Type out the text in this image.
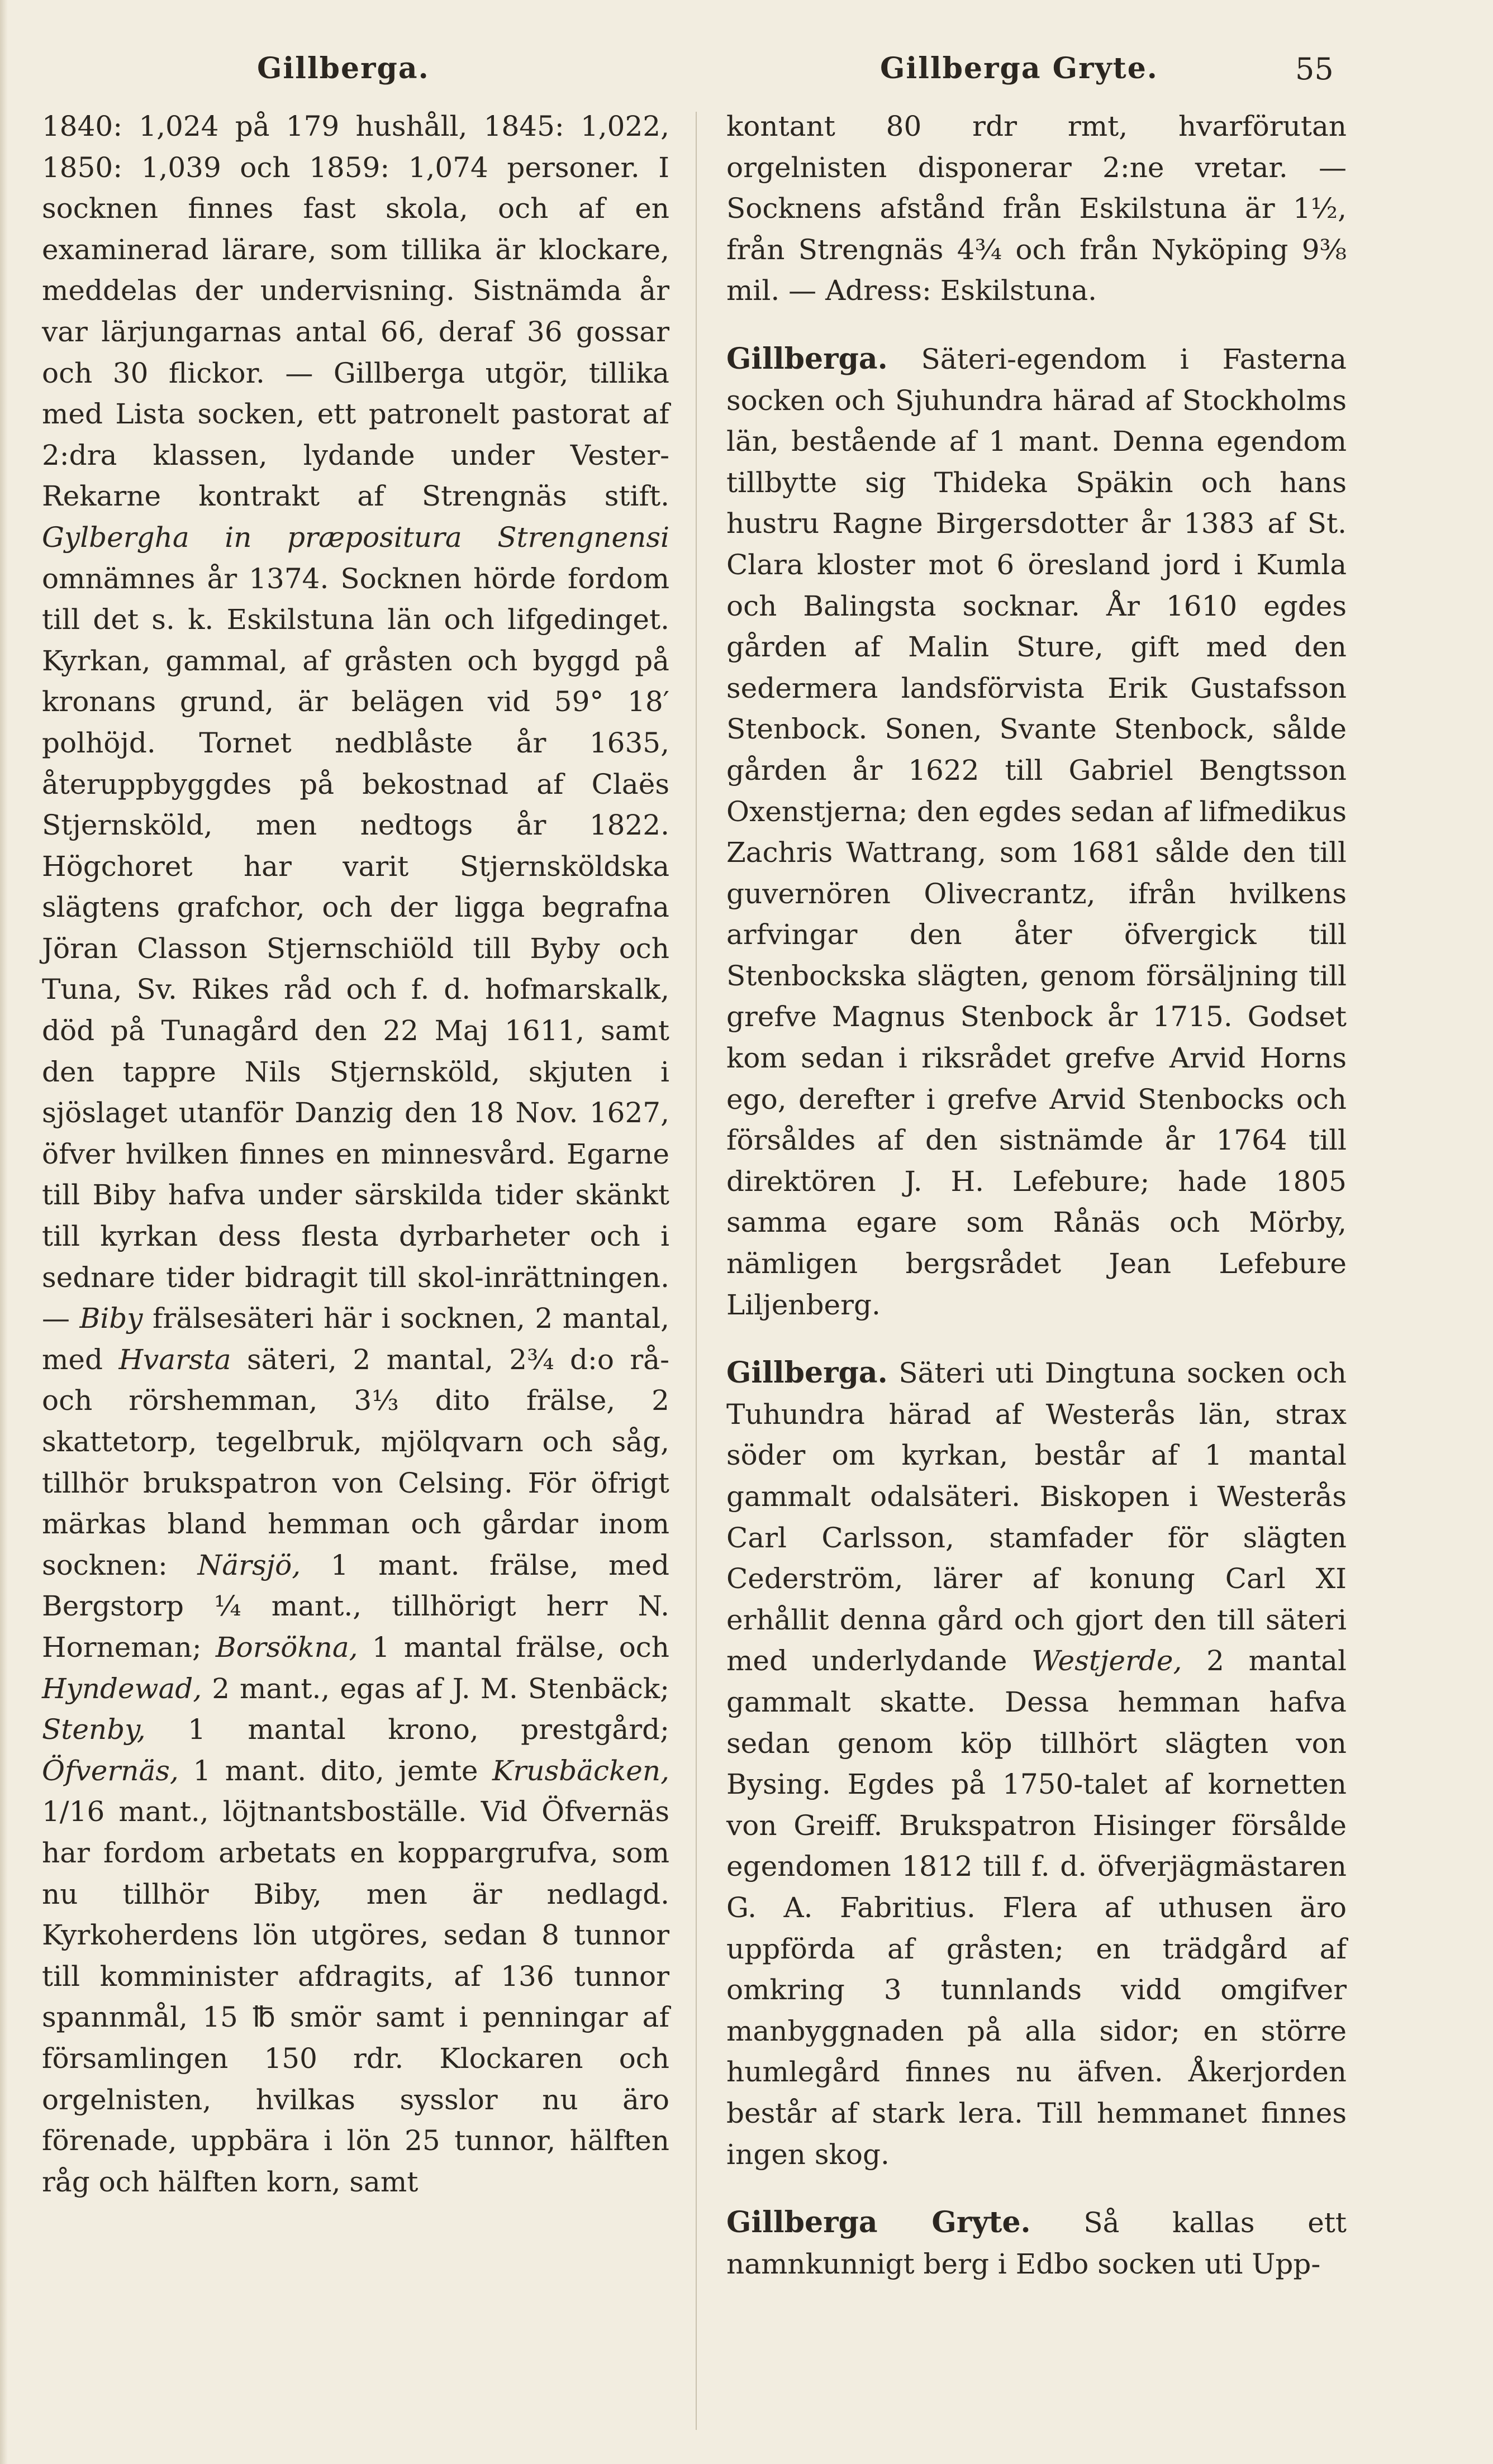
Gillberga.	Gillberga Gryte.	55

1840: 1,024 på 179 hushåll, 1845: 1,022, 1850: 1,039 och 1859: 1,074 personer. I socknen finnes fast skola, och af en examinerad lärare, som tillika är klockare, meddelas der undervisning. Sistnämda år var lärjungarnas antal 66, deraf 36 gossar och 30 flickor. — Gillberga utgör, tillika med Lista socken, ett patronelt pastorat af 2:dra klassen, lydande under Vester-Rekarne kontrakt af Strengnäs stift. Gylbergha in præpositura Strengnensi omnämnes år 1374. Socknen hörde fordom till det s. k. Eskilstuna län och lifgedinget. Kyrkan, gammal, af gråsten och byggd på kronans grund, är belägen vid 59° 18′ polhöjd. Tornet nedblåste år 1635, återuppbyggdes på bekostnad af Claës Stjernsköld, men nedtogs år 1822. Högchoret har varit Stjernsköldska slägtens grafchor, och der ligga begrafna Jöran Classon Stjernschiöld till Byby och Tuna, Sv. Rikes råd och f. d. hofmarskalk, död på Tunagård den 22 Maj 1611, samt den tappre Nils Stjernsköld, skjuten i sjöslaget utanför Danzig den 18 Nov. 1627, öfver hvilken finnes en minnesvård. Egarne till Biby hafva under särskilda tider skänkt till kyrkan dess flesta dyrbarheter och i sednare tider bidragit till skol-inrättningen. — Biby frälsesäteri här i socknen, 2 mantal, med Hvarsta säteri, 2 mantal, 2¾ d:o rå- och rörshemman, 3⅓ dito frälse, 2 skattetorp, tegelbruk, mjölqvarn och såg, tillhör brukspatron von Celsing. För öfrigt märkas bland hemman och gårdar inom socknen: Närsjö, 1 mant. frälse, med Bergstorp ¼ mant., tillhörigt herr N. Horneman; Borsökna, 1 mantal frälse, och Hyndewad, 2 mant., egas af J. M. Stenbäck; Stenby, 1 mantal krono, prestgård; Öfvernäs, 1 mant. dito, jemte Krusbäcken, 1/16 mant., löjtnantsboställe. Vid Öfvernäs har fordom arbetats en koppargrufva, som nu tillhör Biby, men är nedlagd. Kyrkoherdens lön utgöres, sedan 8 tunnor till komminister afdragits, af 136 tunnor spannmål, 15 ℔ smör samt i penningar af församlingen 150 rdr. Klockaren och orgelnisten, hvilkas sysslor nu äro förenade, uppbära i lön 25 tunnor, hälften råg och hälften korn, samt

kontant 80 rdr rmt, hvarförutan orgelnisten disponerar 2:ne vretar. — Socknens afstånd från Eskilstuna är 1½, från Strengnäs 4¾ och från Nyköping 9⅜ mil. — Adress: Eskilstuna.

Gillberga. Säteri-egendom i Fasterna socken och Sjuhundra härad af Stockholms län, bestående af 1 mant. Denna egendom tillbytte sig Thideka Späkin och hans hustru Ragne Birgersdotter år 1383 af St. Clara kloster mot 6 öresland jord i Kumla och Balingsta socknar. År 1610 egdes gården af Malin Sture, gift med den sedermera landsförvista Erik Gustafsson Stenbock. Sonen, Svante Stenbock, sålde gården år 1622 till Gabriel Bengtsson Oxenstjerna; den egdes sedan af lifmedikus Zachris Wattrang, som 1681 sålde den till guvernören Olivecrantz, ifrån hvilkens arfvingar den åter öfvergick till Stenbockska slägten, genom försäljning till grefve Magnus Stenbock år 1715. Godset kom sedan i riksrådet grefve Arvid Horns ego, derefter i grefve Arvid Stenbocks och försåldes af den sistnämde år 1764 till direktören J. H. Lefebure; hade 1805 samma egare som Rånäs och Mörby, nämligen bergsrådet Jean Lefebure Liljenberg.

Gillberga. Säteri uti Dingtuna socken och Tuhundra härad af Westerås län, strax söder om kyrkan, består af 1 mantal gammalt odalsäteri. Biskopen i Westerås Carl Carlsson, stamfader för slägten Cederström, lärer af konung Carl XI erhållit denna gård och gjort den till säteri med underlydande Westjerde, 2 mantal gammalt skatte. Dessa hemman hafva sedan genom köp tillhört slägten von Bysing. Egdes på 1750-talet af kornetten von Greiff. Brukspatron Hisinger försålde egendomen 1812 till f. d. öfverjägmästaren G. A. Fabritius. Flera af uthusen äro uppförda af gråsten; en trädgård af omkring 3 tunnlands vidd omgifver manbyggnaden på alla sidor; en större humlegård finnes nu äfven. Åkerjorden består af stark lera. Till hemmanet finnes ingen skog.

Gillberga Gryte. Så kallas ett namnkunnigt berg i Edbo socken uti Upp-
